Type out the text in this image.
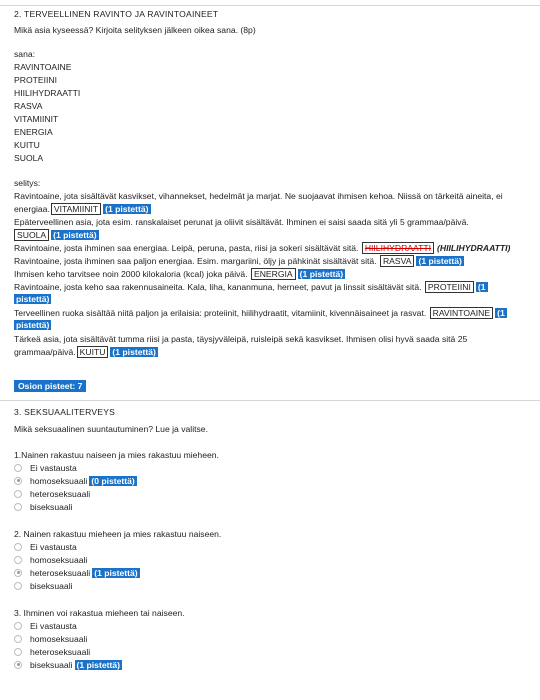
2. TERVEELLINEN RAVINTO JA RAVINTOAINEET
Mikä asia kyseessä? Kirjoita selityksen jälkeen oikea sana. (8p)
sana:
RAVINTOAINE
PROTEIINI
HIILIHYDRAATTI
RASVA
VITAMIINIT
ENERGIA
KUITU
SUOLA
selitys:
Ravintoaine, jota sisältävät kasvikset, vihannekset, hedelmät ja marjat. Ne suojaavat ihmisen kehoa. Niissä on tärkeitä aineita, ei
energiaa. VITAMIINIT (1 pistettä)
Epäterveellinen asia, jota esim. ranskalaiset perunat ja oliivit sisältävät. Ihminen ei saisi saada sitä yli 5 grammaa/päivä.
SUOLA (1 pistettä)
Ravintoaine, josta ihminen saa energiaa. Leipä, peruna, pasta, riisi ja sokeri sisältävät sitä. HIILIHYDRAATTI (HIILIHYDRAATTI)
Ravintoaine, josta ihminen saa paljon energiaa. Esim. margariini, öljy ja pähkinät sisältävät sitä. RASVA (1 pistettä)
Ihmisen keho tarvitsee noin 2000 kilokaloria (kcal) joka päivä. ENERGIA (1 pistettä)
Ravintoaine, josta keho saa rakennusaineita. Kala, liha, kananmuna, herneet, pavut ja linssit sisältävät sitä. PROTEIINI (1
pistettä)
Terveellinen ruoka sisältää niitä paljon ja erilaisia: proteiinit, hiilihydraatit, vitamiinit, kivennäisaineet ja rasvat. RAVINTOAINE (1
pistettä)
Tärkeä asia, jota sisältävät tumma riisi ja pasta, täysjyväleipä, ruisleipä sekä kasvikset. Ihmisen olisi hyvä saada sitä 25
grammaa/päivä. KUITU (1 pistettä)
Osion pisteet: 7
3. SEKSUAALITERVEYS
Mikä seksuaalinen suuntautuminen? Lue ja valitse.
1.Nainen rakastuu naiseen ja mies rakastuu mieheen.
Ei vastausta
homoseksuaali (0 pistettä)
heteroseksuaali
biseksuaali
2. Nainen rakastuu mieheen ja mies rakastuu naiseen.
Ei vastausta
homoseksuaali
heteroseksuaali (1 pistettä)
biseksuaali
3. Ihminen voi rakastua mieheen tai naiseen.
Ei vastausta
homoseksuaali
heteroseksuaali
biseksuaali (1 pistettä)
